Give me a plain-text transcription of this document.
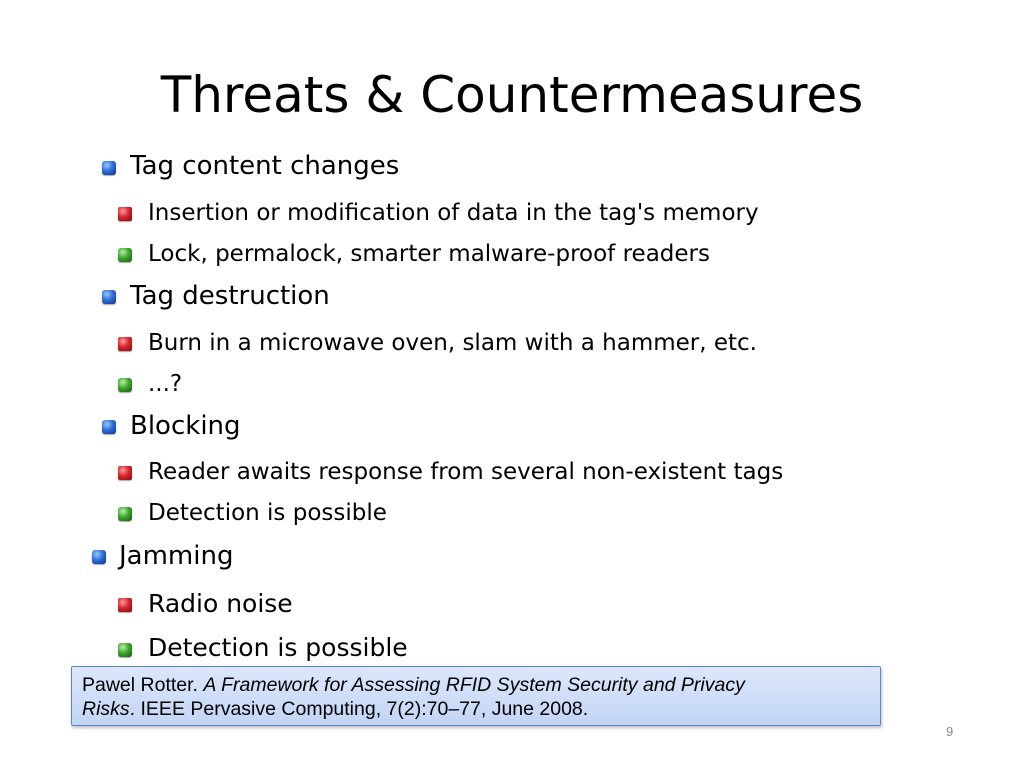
Threats & Countermeasures
Tag content changes
Insertion or modification of data in the tag's memory
Lock, permalock, smarter malware-proof readers
Tag destruction
Burn in a microwave oven, slam with a hammer, etc.
...?
Blocking
Reader awaits response from several non-existent tags
Detection is possible
Jamming
Radio noise
Detection is possible
Pawel Rotter. A Framework for Assessing RFID System Security and Privacy
Risks. IEEE Pervasive Computing, 7(2):70–77, June 2008.
9
